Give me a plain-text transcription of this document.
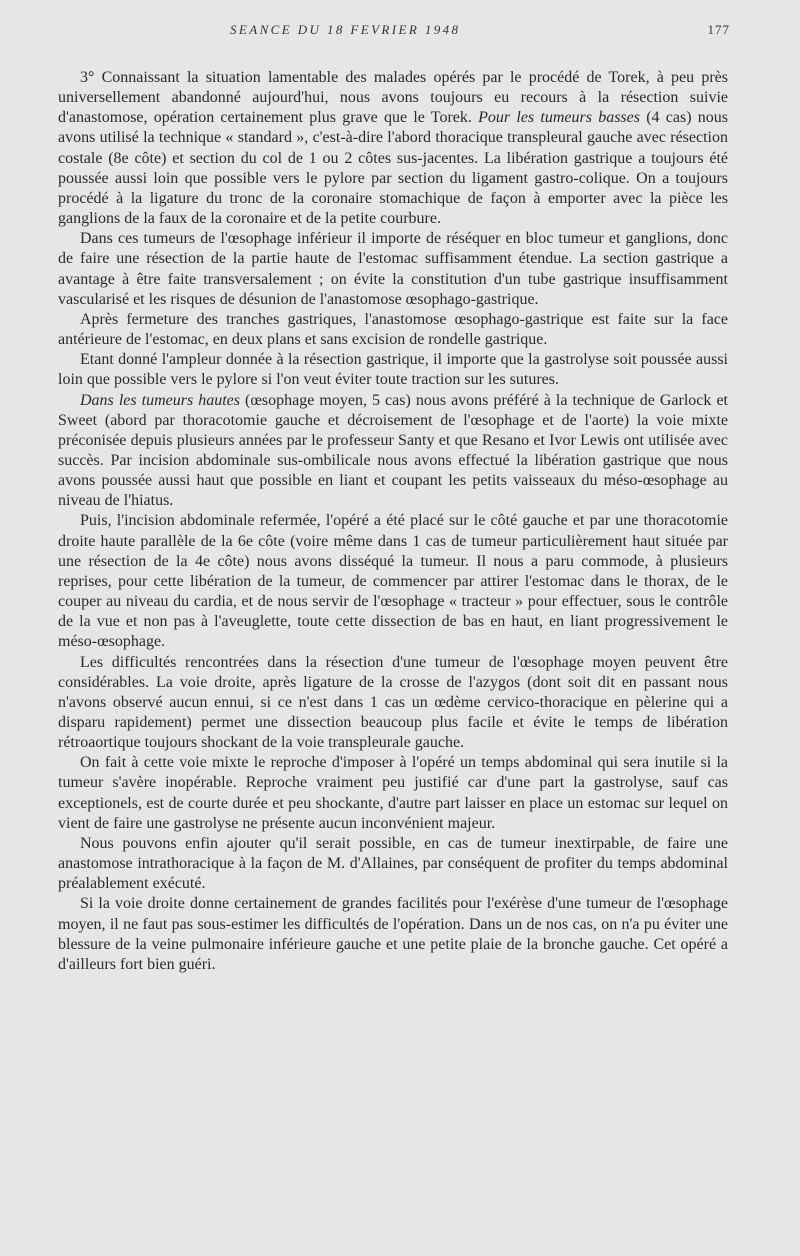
SEANCE DU 18 FEVRIER 1948	177

3° Connaissant la situation lamentable des malades opérés par le procédé de Torek, à peu près universellement abandonné aujourd'hui, nous avons toujours eu recours à la résection suivie d'anastomose, opération certainement plus grave que le Torek. Pour les tumeurs basses (4 cas) nous avons utilisé la technique « standard », c'est-à-dire l'abord thoracique transpleural gauche avec résection costale (8e côte) et section du col de 1 ou 2 côtes sus-jacentes. La libération gastrique a toujours été poussée aussi loin que possible vers le pylore par section du ligament gastro-colique. On a toujours procédé à la ligature du tronc de la coronaire stomachique de façon à emporter avec la pièce les ganglions de la faux de la coronaire et de la petite courbure.

Dans ces tumeurs de l'œsophage inférieur il importe de réséquer en bloc tumeur et ganglions, donc de faire une résection de la partie haute de l'estomac suffisamment étendue. La section gastrique a avantage à être faite transversalement ; on évite la constitution d'un tube gastrique insuffisamment vascularisé et les risques de désunion de l'anastomose œsophago-gastrique.

Après fermeture des tranches gastriques, l'anastomose œsophago-gastrique est faite sur la face antérieure de l'estomac, en deux plans et sans excision de rondelle gastrique.

Etant donné l'ampleur donnée à la résection gastrique, il importe que la gastrolyse soit poussée aussi loin que possible vers le pylore si l'on veut éviter toute traction sur les sutures.

Dans les tumeurs hautes (œsophage moyen, 5 cas) nous avons préféré à la technique de Garlock et Sweet (abord par thoracotomie gauche et décroisement de l'œsophage et de l'aorte) la voie mixte préconisée depuis plusieurs années par le professeur Santy et que Resano et Ivor Lewis ont utilisée avec succès. Par incision abdominale sus-ombilicale nous avons effectué la libération gastrique que nous avons poussée aussi haut que possible en liant et coupant les petits vaisseaux du méso-œsophage au niveau de l'hiatus.

Puis, l'incision abdominale refermée, l'opéré a été placé sur le côté gauche et par une thoracotomie droite haute parallèle de la 6e côte (voire même dans 1 cas de tumeur particulièrement haut située par une résection de la 4e côte) nous avons disséqué la tumeur. Il nous a paru commode, à plusieurs reprises, pour cette libération de la tumeur, de commencer par attirer l'estomac dans le thorax, de le couper au niveau du cardia, et de nous servir de l'œsophage « tracteur » pour effectuer, sous le contrôle de la vue et non pas à l'aveuglette, toute cette dissection de bas en haut, en liant progressivement le méso-œsophage.

Les difficultés rencontrées dans la résection d'une tumeur de l'œsophage moyen peuvent être considérables. La voie droite, après ligature de la crosse de l'azygos (dont soit dit en passant nous n'avons observé aucun ennui, si ce n'est dans 1 cas un œdème cervico-thoracique en pèlerine qui a disparu rapidement) permet une dissection beaucoup plus facile et évite le temps de libération rétroaortique toujours shockant de la voie transpleurale gauche.

On fait à cette voie mixte le reproche d'imposer à l'opéré un temps abdominal qui sera inutile si la tumeur s'avère inopérable. Reproche vraiment peu justifié car d'une part la gastrolyse, sauf cas exceptionels, est de courte durée et peu shockante, d'autre part laisser en place un estomac sur lequel on vient de faire une gastrolyse ne présente aucun inconvénient majeur.

Nous pouvons enfin ajouter qu'il serait possible, en cas de tumeur inextirpable, de faire une anastomose intrathoracique à la façon de M. d'Allaines, par conséquent de profiter du temps abdominal préalablement exécuté.

Si la voie droite donne certainement de grandes facilités pour l'exérèse d'une tumeur de l'œsophage moyen, il ne faut pas sous-estimer les difficultés de l'opération. Dans un de nos cas, on n'a pu éviter une blessure de la veine pulmonaire inférieure gauche et une petite plaie de la bronche gauche. Cet opéré a d'ailleurs fort bien guéri.
